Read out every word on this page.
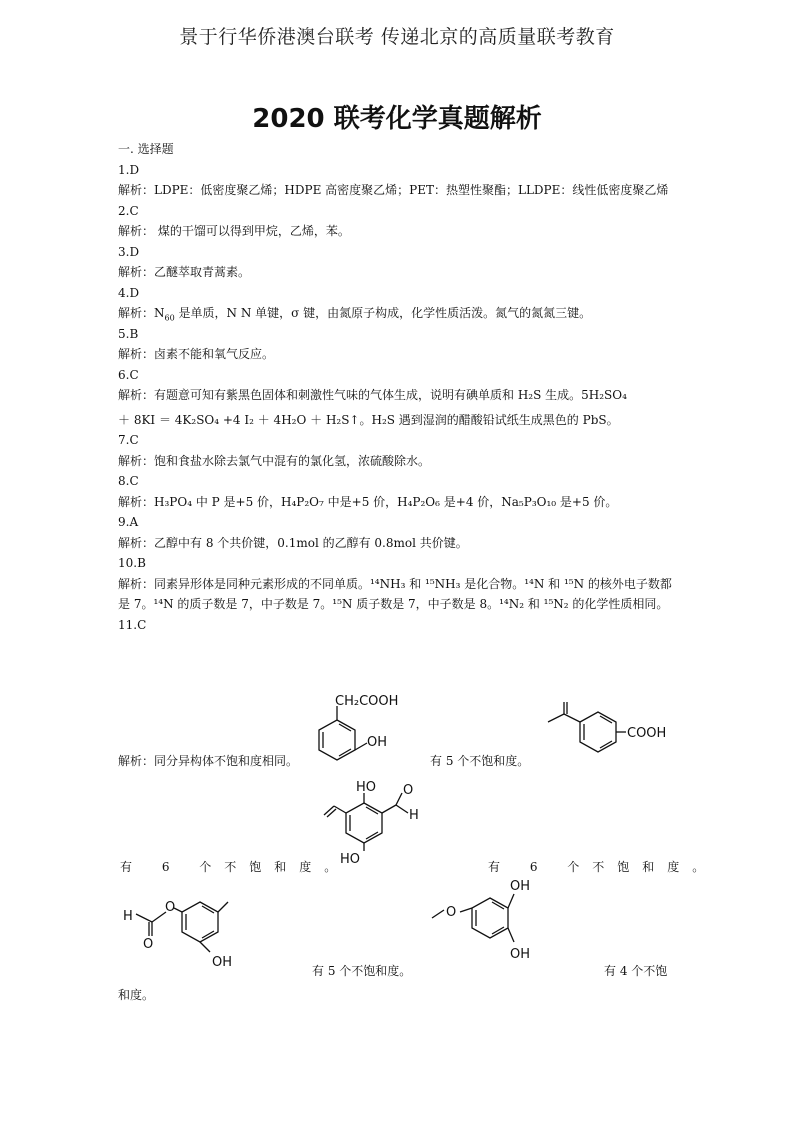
景于行华侨港澳台联考 传递北京的高质量联考教育
2020 联考化学真题解析
一. 选择题
1.D
解析：LDPE：低密度聚乙烯；HDPE 高密度聚乙烯；PET：热塑性聚酯；LLDPE：线性低密度聚乙烯
2.C
解析： 煤的干馏可以得到甲烷，乙烯，苯。
3.D
解析：乙醚萃取青蒿素。
4.D
解析：$N_{60}$ 是单质，N N 单键，σ 键，由氮原子构成，化学性质活泼。氮气的氮氮三键。
5.B
解析：卤素不能和氧气反应。
6.C
解析：有题意可知有紫黑色固体和刺激性气味的气体生成，说明有碘单质和 H₂S 生成。5H₂SO₄
＋ 8KI ＝ 4K₂SO₄ +4 I₂ ＋ 4H₂O ＋ H₂S↑。H₂S 遇到湿润的醋酸铅试纸生成黑色的 PbS。
7.C
解析：饱和食盐水除去氯气中混有的氯化氢，浓硫酸除水。
8.C
解析：H₃PO₄ 中 P 是+5 价，H₄P₂O₇ 中是+5 价，H₄P₂O₆ 是+4 价，Na₅P₃O₁₀ 是+5 价。
9.A
解析：乙醇中有 8 个共价键，0.1mol 的乙醇有 0.8mol 共价键。
10.B
解析：同素异形体是同种元素形成的不同单质。¹⁴NH₃ 和 ¹⁵NH₃ 是化合物。¹⁴N 和 ¹⁵N 的核外电子数都是 7。¹⁴N 的质子数是 7，中子数是 7。¹⁵N 质子数是 7，中子数是 8。¹⁴N₂ 和 ¹⁵N₂ 的化学性质相同。
11.C
解析：同分异构体不饱和度相同。
CH₂COOH
OH
有 5 个不饱和度。
COOH
HO
HO
O
H
有 6 个不饱和度。	有 6 个不饱和度。
O
H
O
OH
有 5 个不饱和度。
OH
OH
O
有 4 个不饱
和度。
